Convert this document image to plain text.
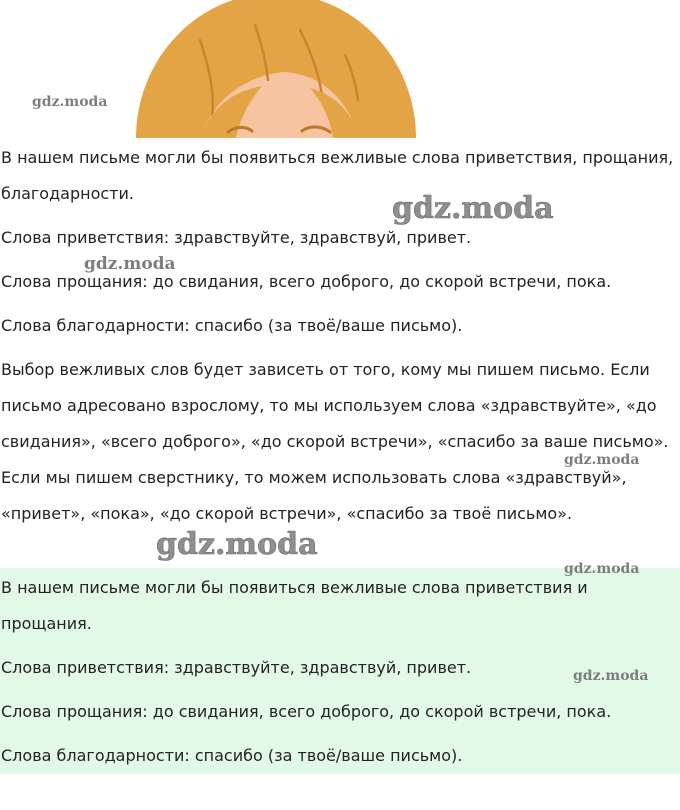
В нашем письме могли бы появиться вежливые слова приветствия, прощания, благодарности.

Слова приветствия: здравствуйте, здравствуй, привет.

Слова прощания: до свидания, всего доброго, до скорой встречи, пока.

Слова благодарности: спасибо (за твоё/ваше письмо).

Выбор вежливых слов будет зависеть от того, кому мы пишем письмо. Если письмо адресовано взрослому, то мы используем слова «здравствуйте», «до свидания», «всего доброго», «до скорой встречи», «спасибо за ваше письмо». Если мы пишем сверстнику, то можем использовать слова «здравствуй», «привет», «пока», «до скорой встречи», «спасибо за твоё письмо».

В нашем письме могли бы появиться вежливые слова приветствия и прощания.

Слова приветствия: здравствуйте, здравствуй, привет.

Слова прощания: до свидания, всего доброго, до скорой встречи, пока.

Слова благодарности: спасибо (за твоё/ваше письмо).

gdz.moda
gdz.moda
gdz.moda
gdz.moda
gdz.moda
gdz.moda
gdz.moda
